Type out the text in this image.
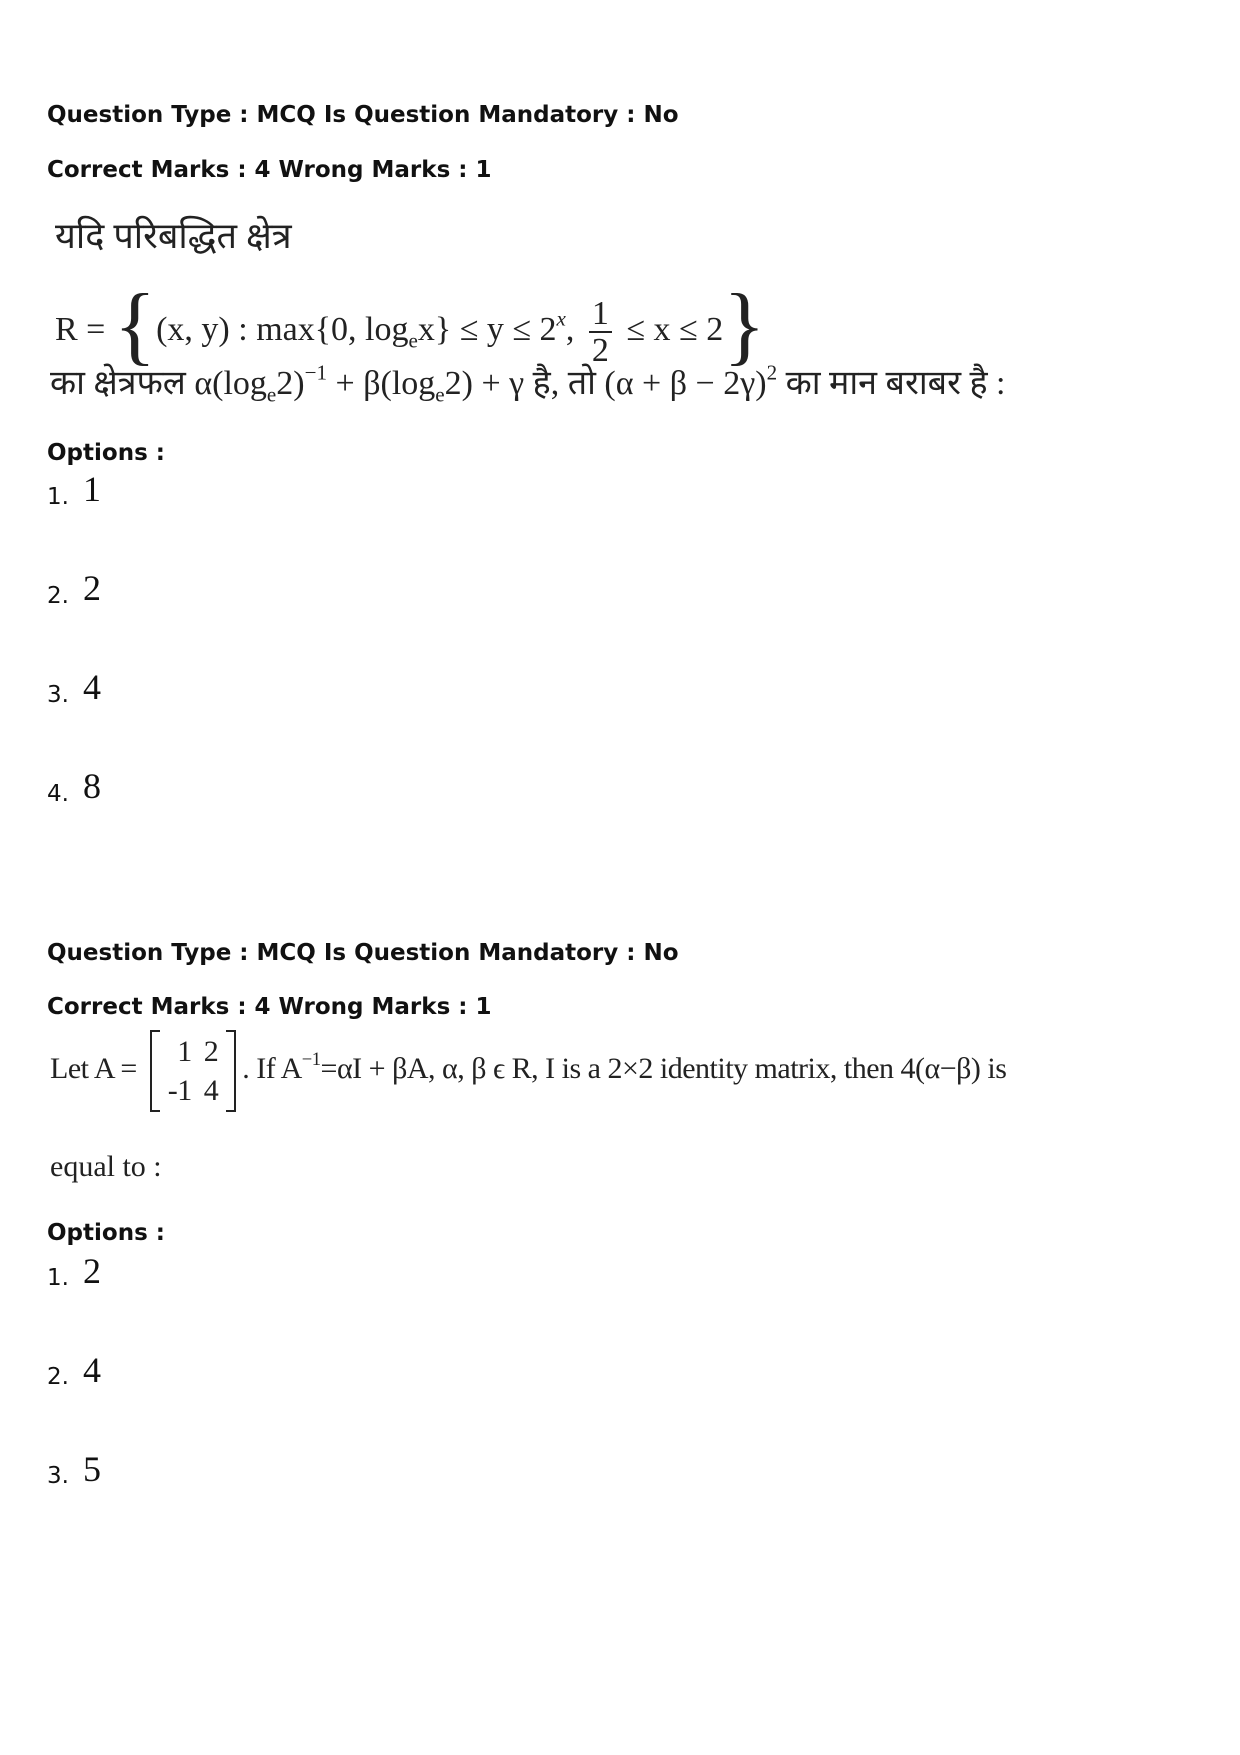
Question Type : MCQ Is Question Mandatory : No
Correct Marks : 4 Wrong Marks : 1
यदि परिबद्धित क्षेत्र
R = {(x, y) : max{0, $\log_ex\} \le y \le 2^x$, $\frac{1}{2} \le x \le 2$}
का क्षेत्रफल $\alpha(\log_e2)^{-1} + \beta(\log_e2) + \gamma$ है, तो $(\alpha + \beta - 2\gamma)^2$ का मान बराबर है :
Options :
1. 1
2. 2
3. 4
4. 8
Question Type : MCQ Is Question Mandatory : No
Correct Marks : 4 Wrong Marks : 1
Let A =
1	2
-1	4
. If $A^{-1}=\alpha I + \beta A$, α, β ϵ R, I is a 2×2 identity matrix, then 4(α−β) is
equal to :
Options :
1. 2
2. 4
3. 5
